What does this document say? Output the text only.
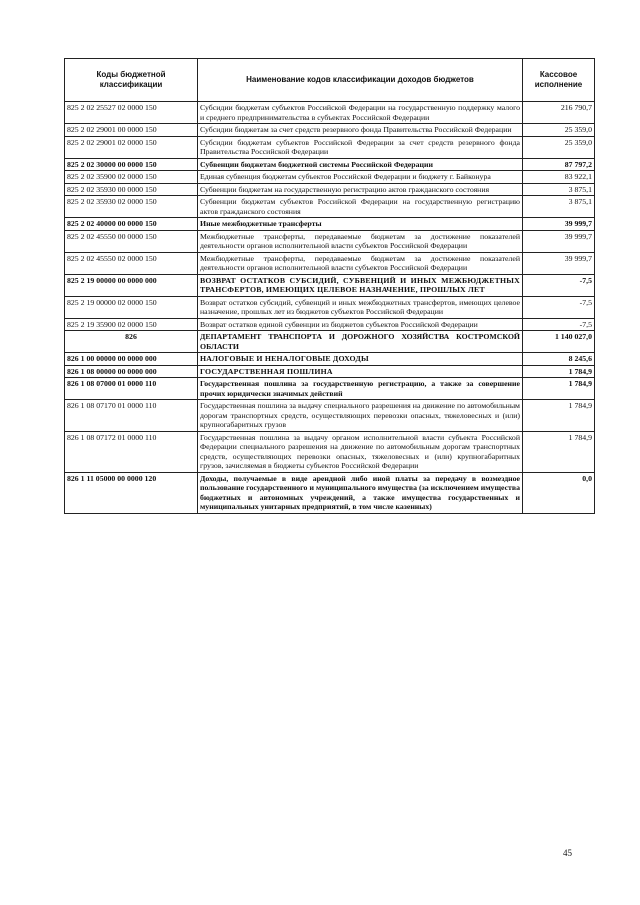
Коды бюджетной классификации	Наименование кодов классификации доходов бюджетов	Кассовое исполнение
825 2 02 25527 02 0000 150	Субсидии бюджетам субъектов Российской Федерации на государственную поддержку малого и среднего предпринимательства в субъектах Российской Федерации	216 790,7
825 2 02 29001 00 0000 150	Субсидии бюджетам за счет средств резервного фонда Правительства Российской Федерации	25 359,0
825 2 02 29001 02 0000 150	Субсидии бюджетам субъектов Российской Федерации за счет средств резервного фонда Правительства Российской Федерации	25 359,0
825 2 02 30000 00 0000 150	Субвенции бюджетам бюджетной системы Российской Федерации	87 797,2
825 2 02 35900 02 0000 150	Единая субвенция бюджетам субъектов Российской Федерации и бюджету г. Байконура	83 922,1
825 2 02 35930 00 0000 150	Субвенции бюджетам на государственную регистрацию актов гражданского состояния	3 875,1
825 2 02 35930 02 0000 150	Субвенции бюджетам субъектов Российской Федерации на государственную регистрацию актов гражданского состояния	3 875,1
825 2 02 40000 00 0000 150	Иные межбюджетные трансферты	39 999,7
825 2 02 45550 00 0000 150	Межбюджетные трансферты, передаваемые бюджетам за достижение показателей деятельности органов исполнительной власти субъектов Российской Федерации	39 999,7
825 2 02 45550 02 0000 150	Межбюджетные трансферты, передаваемые бюджетам за достижение показателей деятельности органов исполнительной власти субъектов Российской Федерации	39 999,7
825 2 19 00000 00 0000 000	ВОЗВРАТ ОСТАТКОВ СУБСИДИЙ, СУБВЕНЦИЙ И ИНЫХ МЕЖБЮДЖЕТНЫХ ТРАНСФЕРТОВ, ИМЕЮЩИХ ЦЕЛЕВОЕ НАЗНАЧЕНИЕ, ПРОШЛЫХ ЛЕТ	-7,5
825 2 19 00000 02 0000 150	Возврат остатков субсидий, субвенций и иных межбюджетных трансфертов, имеющих целевое назначение, прошлых лет из бюджетов субъектов Российской Федерации	-7,5
825 2 19 35900 02 0000 150	Возврат остатков единой субвенции из бюджетов субъектов Российской Федерации	-7,5
826	ДЕПАРТАМЕНТ ТРАНСПОРТА И ДОРОЖНОГО ХОЗЯЙСТВА КОСТРОМСКОЙ ОБЛАСТИ	1 140 027,0
826 1 00 00000 00 0000 000	НАЛОГОВЫЕ И НЕНАЛОГОВЫЕ ДОХОДЫ	8 245,6
826 1 08 00000 00 0000 000	ГОСУДАРСТВЕННАЯ ПОШЛИНА	1 784,9
826 1 08 07000 01 0000 110	Государственная пошлина за государственную регистрацию, а также за совершение прочих юридически значимых действий	1 784,9
826 1 08 07170 01 0000 110	Государственная пошлина за выдачу специального разрешения на движение по автомобильным дорогам транспортных средств, осуществляющих перевозки опасных, тяжеловесных и (или) крупногабаритных грузов	1 784,9
826 1 08 07172 01 0000 110	Государственная пошлина за выдачу органом исполнительной власти субъекта Российской Федерации специального разрешения на движение по автомобильным дорогам транспортных средств, осуществляющих перевозки опасных, тяжеловесных и (или) крупногабаритных грузов, зачисляемая в бюджеты субъектов Российской Федерации	1 784,9
826 1 11 05000 00 0000 120	Доходы, получаемые в виде арендной либо иной платы за передачу в возмездное пользование государственного и муниципального имущества (за исключением имущества бюджетных и автономных учреждений, а также имущества государственных и муниципальных унитарных предприятий, в том числе казенных)	0,0
45
